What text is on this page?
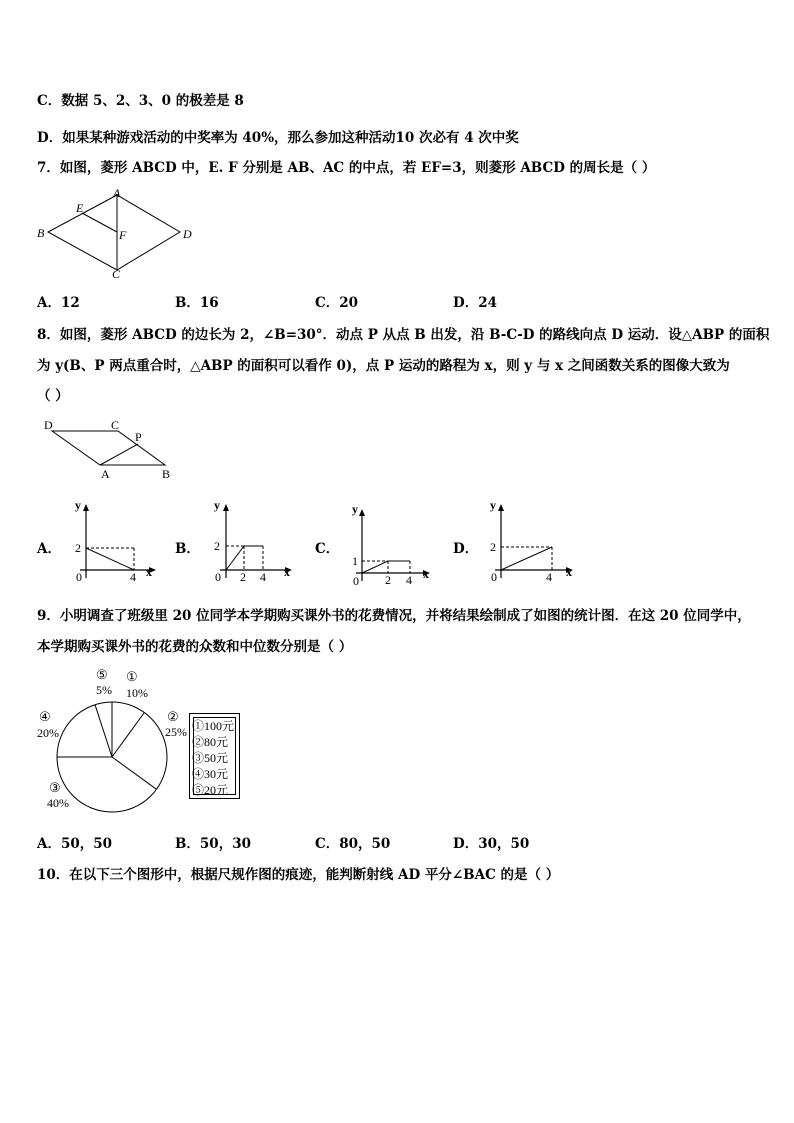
C．数据 5、2、3、0 的极差是 8
D．如果某种游戏活动的中奖率为 40%，那么参加这种活动10 次必有 4 次中奖
7．如图，菱形 ABCD 中，E. F 分别是 AB、AC 的中点，若 EF=3，则菱形 ABCD 的周长是（ ）
A
E
B	F	D
C
A．12	B．16	C．20	D．24
8．如图，菱形 ABCD 的边长为 2，∠B=30°．动点 P 从点 B 出发，沿 B-C-D 的路线向点 D 运动．设△ABP 的面积
为 y(B、P 两点重合时，△ABP 的面积可以看作 0)，点 P 运动的路程为 x，则 y 与 x 之间函数关系的图像大致为
（ ）
D	C
P
A	B
A．	B．	C．	D．
y
2
0	4 x
y
2
0 2 4 x
y
1
0 2 4 x
y
2
0	4 x
9．小明调查了班级里 20 位同学本学期购买课外书的花费情况，并将结果绘制成了如图的统计图．在这 20 位同学中，
本学期购买课外书的花费的众数和中位数分别是（ ）
⑤
5%
①
10%
④
20%
②
25%
③
40%
①100元
②80元
③50元
④30元
⑤20元
A．50，50	B．50，30	C．80，50	D．30，50
10．在以下三个图形中，根据尺规作图的痕迹，能判断射线 AD 平分∠BAC 的是（ ）
